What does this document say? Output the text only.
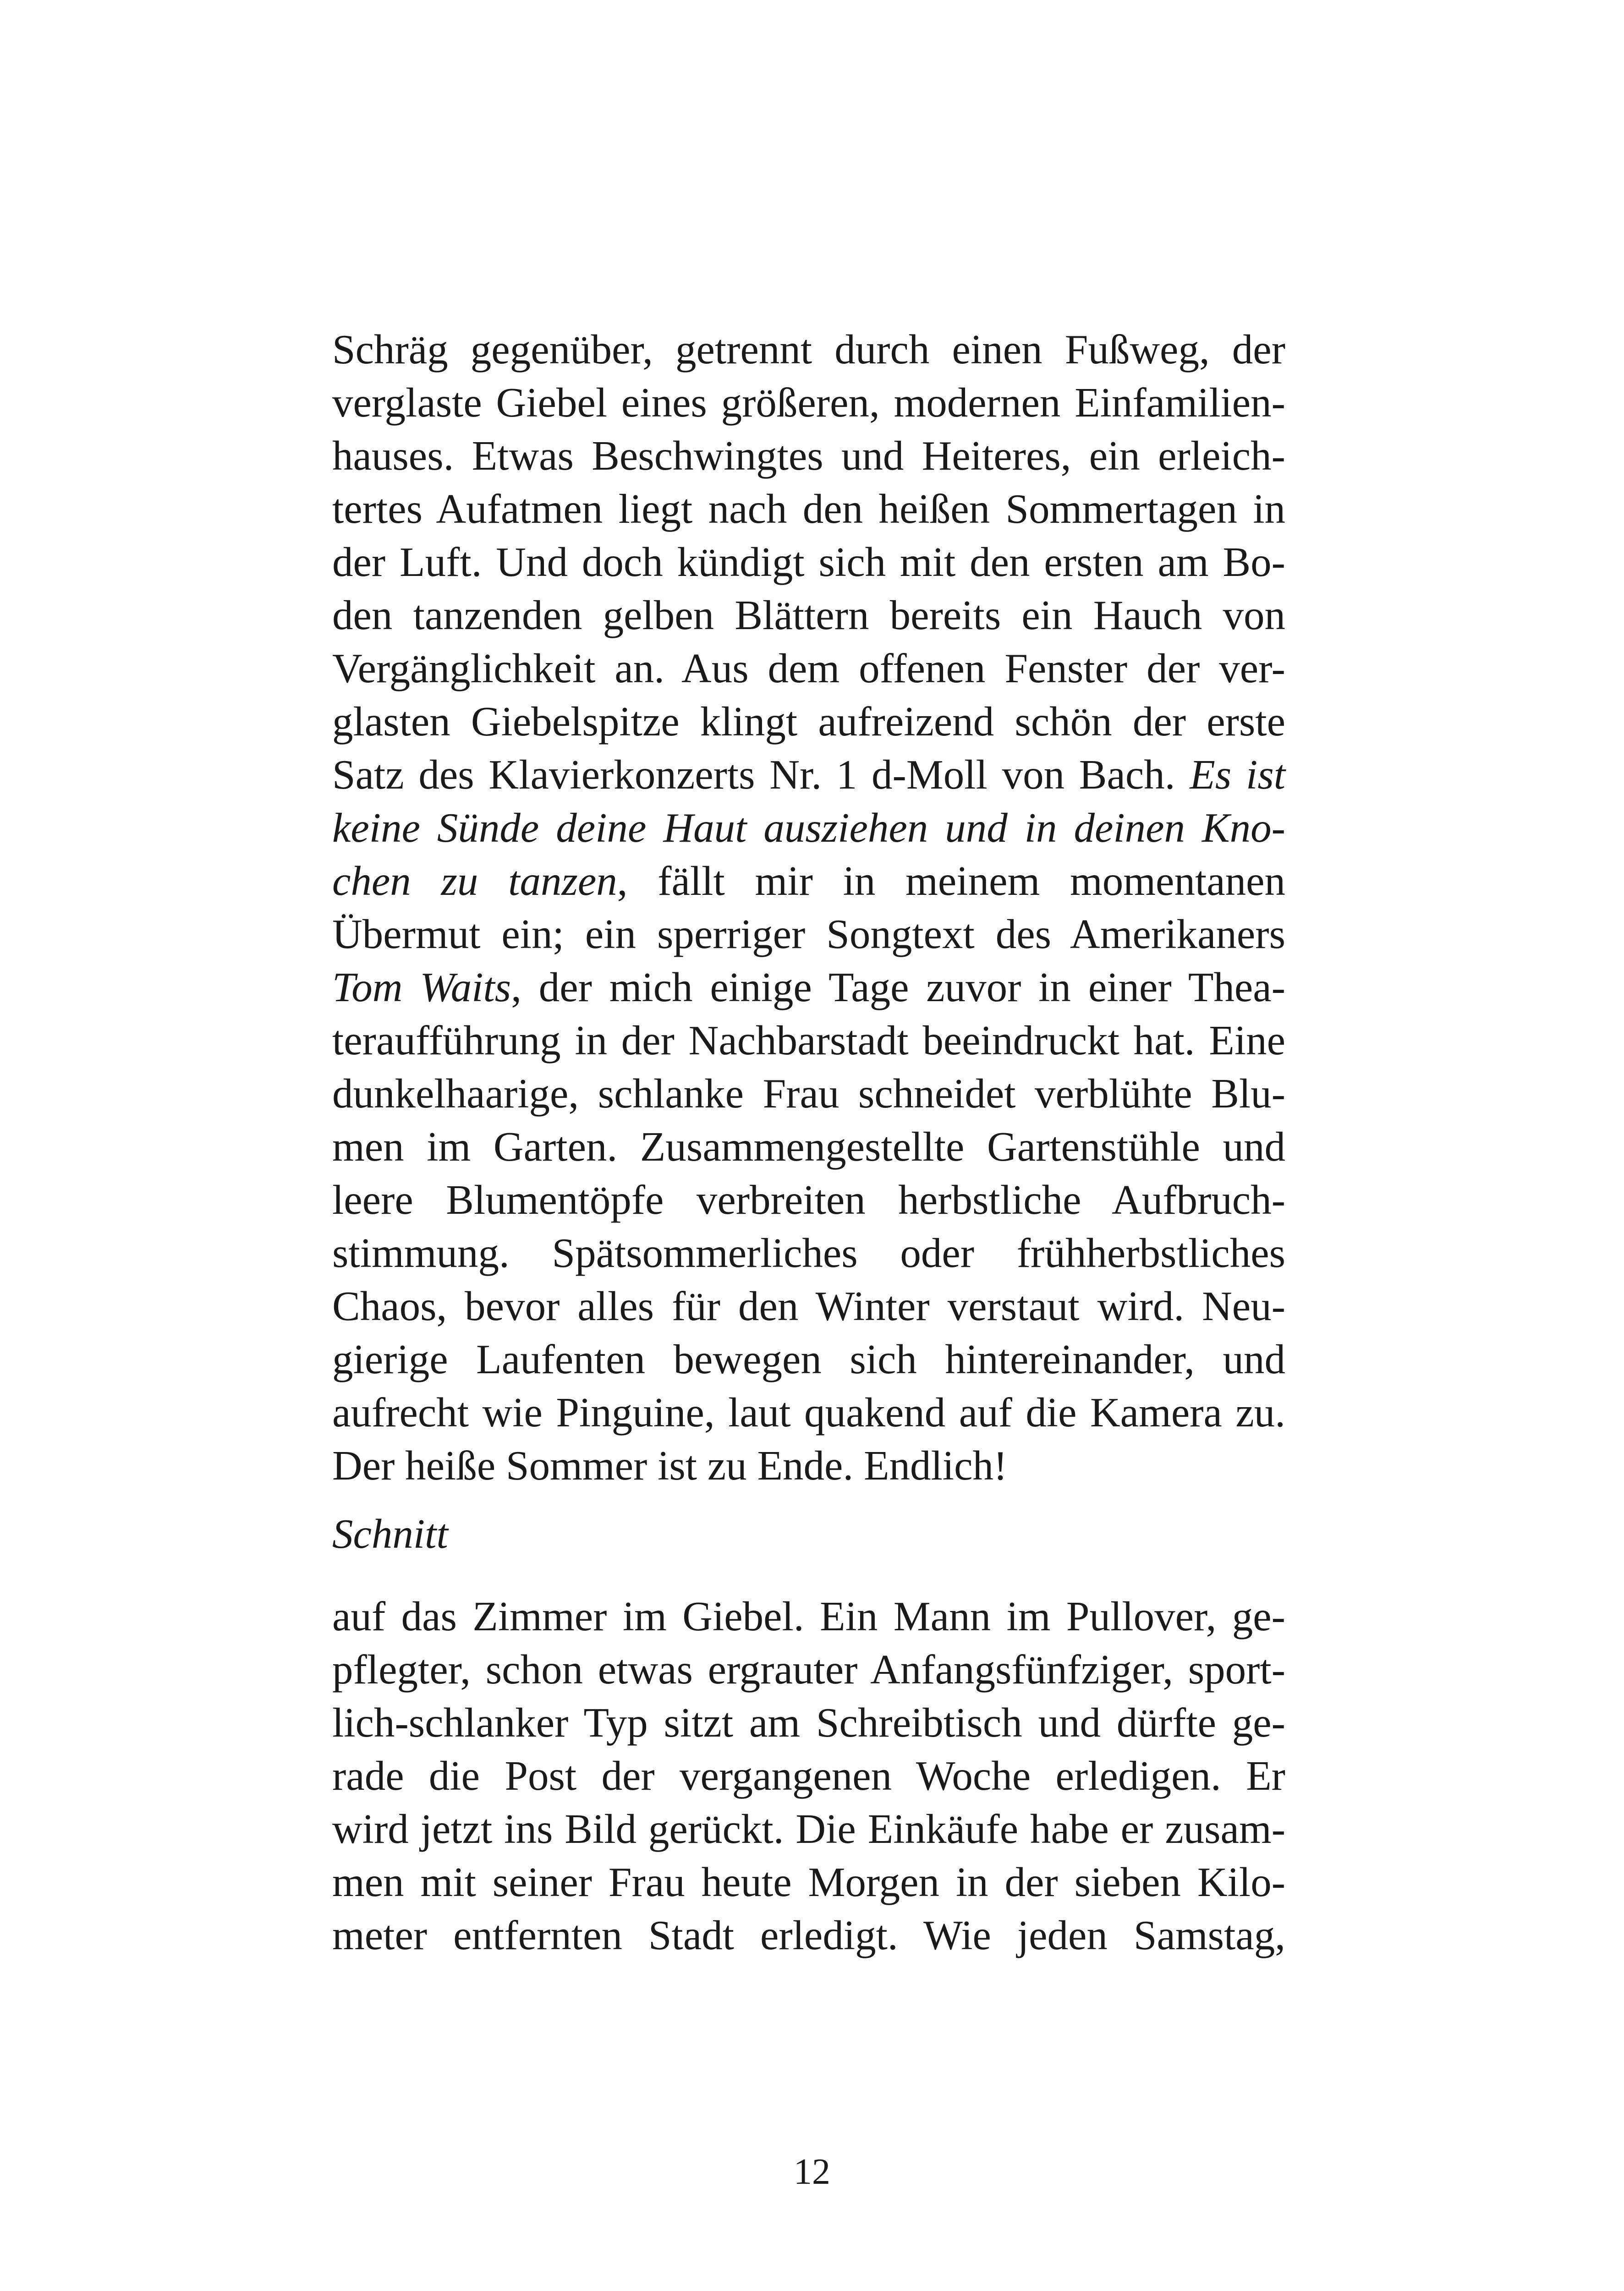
Schräg gegenüber, getrennt durch einen Fußweg, der
verglaste Giebel eines größeren, modernen Einfamilien-
hauses. Etwas Beschwingtes und Heiteres, ein erleich-
tertes Aufatmen liegt nach den heißen Sommertagen in
der Luft. Und doch kündigt sich mit den ersten am Bo-
den tanzenden gelben Blättern bereits ein Hauch von
Vergänglichkeit an. Aus dem offenen Fenster der ver-
glasten Giebelspitze klingt aufreizend schön der erste
Satz des Klavierkonzerts Nr. 1 d-Moll von Bach. Es ist
keine Sünde deine Haut ausziehen und in deinen Kno-
chen zu tanzen, fällt mir in meinem momentanen
Übermut ein; ein sperriger Songtext des Amerikaners
Tom Waits, der mich einige Tage zuvor in einer Thea-
teraufführung in der Nachbarstadt beeindruckt hat. Eine
dunkelhaarige, schlanke Frau schneidet verblühte Blu-
men im Garten. Zusammengestellte Gartenstühle und
leere Blumentöpfe verbreiten herbstliche Aufbruch-
stimmung. Spätsommerliches oder frühherbstliches
Chaos, bevor alles für den Winter verstaut wird. Neu-
gierige Laufenten bewegen sich hintereinander, und
aufrecht wie Pinguine, laut quakend auf die Kamera zu.
Der heiße Sommer ist zu Ende. Endlich!
Schnitt
auf das Zimmer im Giebel. Ein Mann im Pullover, ge-
pflegter, schon etwas ergrauter Anfangsfünfziger, sport-
lich-schlanker Typ sitzt am Schreibtisch und dürfte ge-
rade die Post der vergangenen Woche erledigen. Er
wird jetzt ins Bild gerückt. Die Einkäufe habe er zusam-
men mit seiner Frau heute Morgen in der sieben Kilo-
meter entfernten Stadt erledigt. Wie jeden Samstag,
12
